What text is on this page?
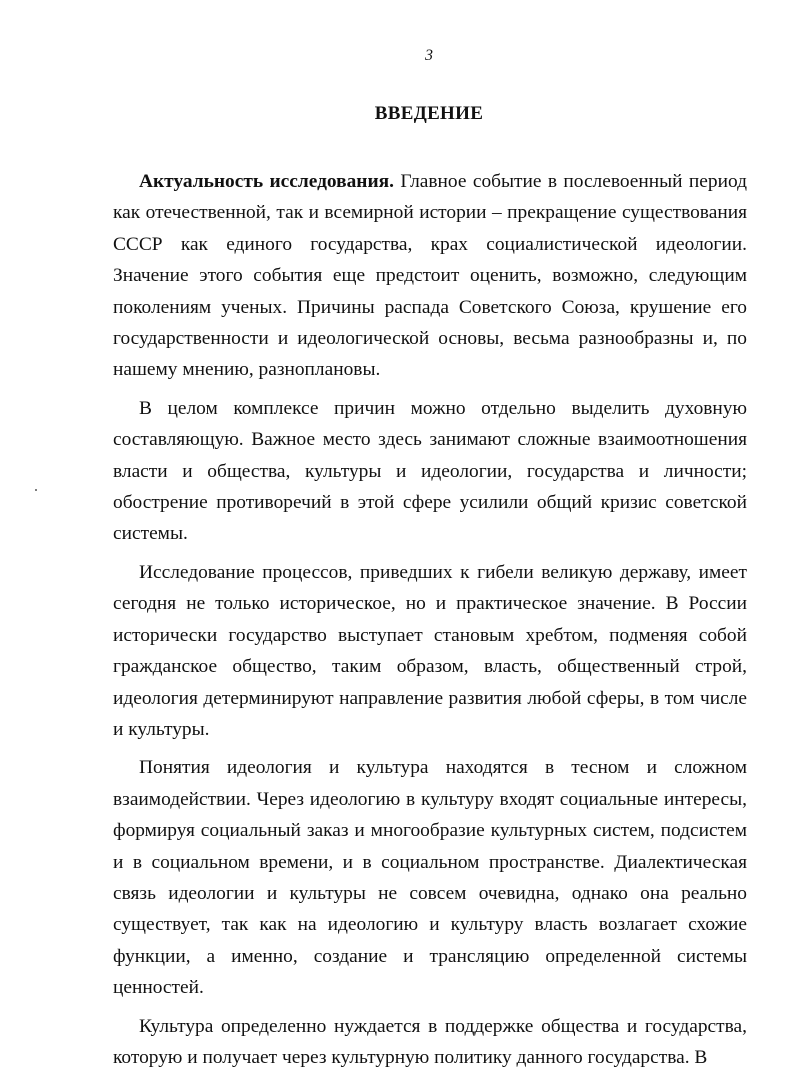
3
ВВЕДЕНИЕ

Актуальность исследования. Главное событие в послевоенный период как отечественной, так и всемирной истории – прекращение существования СССР как единого государства, крах социалистической идеологии. Значение этого события еще предстоит оценить, возможно, следующим поколениям ученых. Причины распада Советского Союза, крушение его государственности и идеологической основы, весьма разнообразны и, по нашему мнению, разноплановы.

В целом комплексе причин можно отдельно выделить духовную составляющую. Важное место здесь занимают сложные взаимоотношения власти и общества, культуры и идеологии, государства и личности; обострение противоречий в этой сфере усилили общий кризис советской системы.

Исследование процессов, приведших к гибели великую державу, имеет сегодня не только историческое, но и практическое значение. В России исторически государство выступает становым хребтом, подменяя собой гражданское общество, таким образом, власть, общественный строй, идеология детерминируют направление развития любой сферы, в том числе и культуры.

Понятия идеология и культура находятся в тесном и сложном взаимодействии. Через идеологию в культуру входят социальные интересы, формируя социальный заказ и многообразие культурных систем, подсистем и в социальном времени, и в социальном пространстве. Диалектическая связь идеологии и культуры не совсем очевидна, однако она реально существует, так как на идеологию и культуру власть возлагает схожие функции, а именно, создание и трансляцию определенной системы ценностей.

Культура определенно нуждается в поддержке общества и государства, которую и получает через культурную политику данного государства. В
